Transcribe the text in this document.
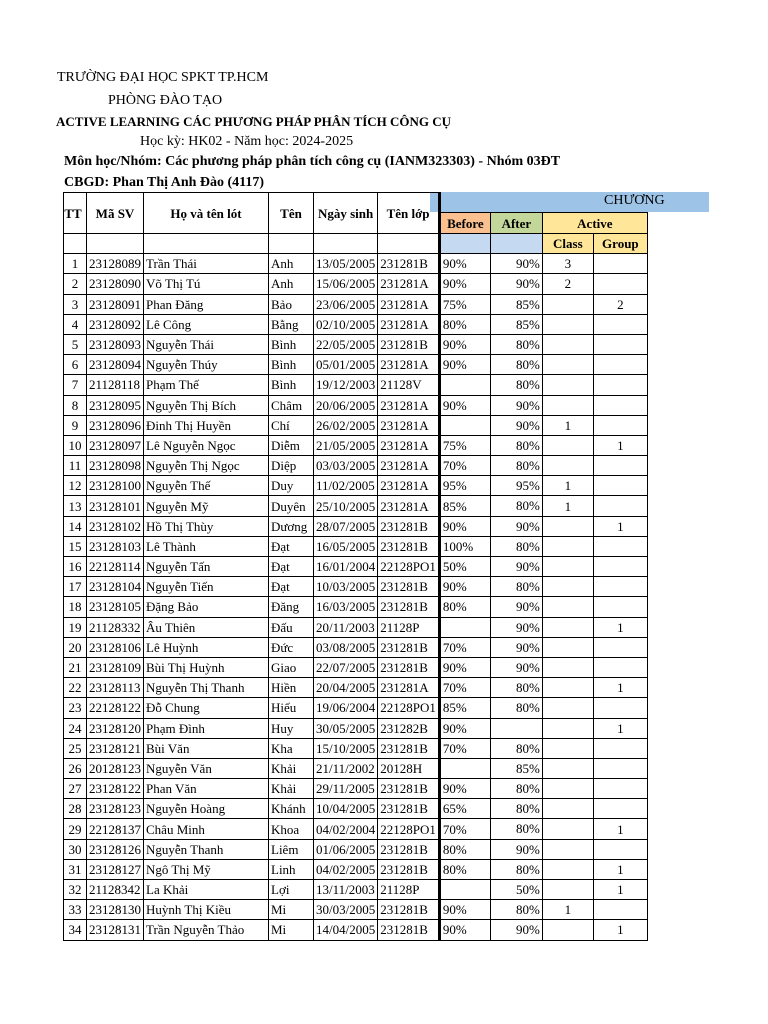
TRƯỜNG ĐẠI HỌC SPKT TP.HCM
PHÒNG ĐÀO TẠO
ACTIVE LEARNING CÁC PHƯƠNG PHÁP PHÂN TÍCH CÔNG CỤ
Học kỳ: HK02 - Năm học: 2024-2025
Môn học/Nhóm: Các phương pháp phân tích công cụ (IANM323303) - Nhóm 03ĐT
CBGD: Phan Thị Anh Đào (4117)
CHƯƠNG
TT	Mã SV	Họ và tên lót	Tên	Ngày sinh	Tên lớp				
						Before	After	Active	
								Class	Group
1	23128089	Trần Thái	Anh	13/05/2005	231281B	90%	90%	3	
2	23128090	Võ Thị Tú	Anh	15/06/2005	231281A	90%	90%	2	
3	23128091	Phan Đăng	Bảo	23/06/2005	231281A	75%	85%		2
4	23128092	Lê Công	Bằng	02/10/2005	231281A	80%	85%		
5	23128093	Nguyễn Thái	Bình	22/05/2005	231281B	90%	80%		
6	23128094	Nguyễn Thúy	Bình	05/01/2005	231281A	90%	80%		
7	21128118	Phạm Thế	Bình	19/12/2003	21128V		80%		
8	23128095	Nguyễn Thị Bích	Châm	20/06/2005	231281A	90%	90%		
9	23128096	Đinh Thị Huyền	Chí	26/02/2005	231281A		90%	1	
10	23128097	Lê Nguyễn Ngọc	Diễm	21/05/2005	231281A	75%	80%		1
11	23128098	Nguyễn Thị Ngọc	Diệp	03/03/2005	231281A	70%	80%		
12	23128100	Nguyễn Thế	Duy	11/02/2005	231281A	95%	95%	1	
13	23128101	Nguyễn Mỹ	Duyên	25/10/2005	231281A	85%	80%	1	
14	23128102	Hồ Thị Thùy	Dương	28/07/2005	231281B	90%	90%		1
15	23128103	Lê Thành	Đạt	16/05/2005	231281B	100%	80%		
16	22128114	Nguyễn Tấn	Đạt	16/01/2004	22128PO1	50%	90%		
17	23128104	Nguyễn Tiến	Đạt	10/03/2005	231281B	90%	80%		
18	23128105	Đặng Bảo	Đăng	16/03/2005	231281B	80%	90%		
19	21128332	Âu Thiên	Đấu	20/11/2003	21128P		90%		1
20	23128106	Lê Huỳnh	Đức	03/08/2005	231281B	70%	90%		
21	23128109	Bùi Thị Huỳnh	Giao	22/07/2005	231281B	90%	90%		
22	23128113	Nguyễn Thị Thanh	Hiền	20/04/2005	231281A	70%	80%		1
23	22128122	Đỗ Chung	Hiếu	19/06/2004	22128PO1	85%	80%		
24	23128120	Phạm Đình	Huy	30/05/2005	231282B	90%			1
25	23128121	Bùi Văn	Kha	15/10/2005	231281B	70%	80%		
26	20128123	Nguyễn Văn	Khải	21/11/2002	20128H		85%		
27	23128122	Phan Văn	Khải	29/11/2005	231281B	90%	80%		
28	23128123	Nguyễn Hoàng	Khánh	10/04/2005	231281B	65%	80%		
29	22128137	Châu Minh	Khoa	04/02/2004	22128PO1	70%	80%		1
30	23128126	Nguyễn Thanh	Liêm	01/06/2005	231281B	80%	90%		
31	23128127	Ngô Thị Mỹ	Linh	04/02/2005	231281B	80%	80%		1
32	21128342	La Khải	Lợi	13/11/2003	21128P		50%		1
33	23128130	Huỳnh Thị Kiều	Mi	30/03/2005	231281B	90%	80%	1	
34	23128131	Trần Nguyễn Thảo	Mi	14/04/2005	231281B	90%	90%		1
